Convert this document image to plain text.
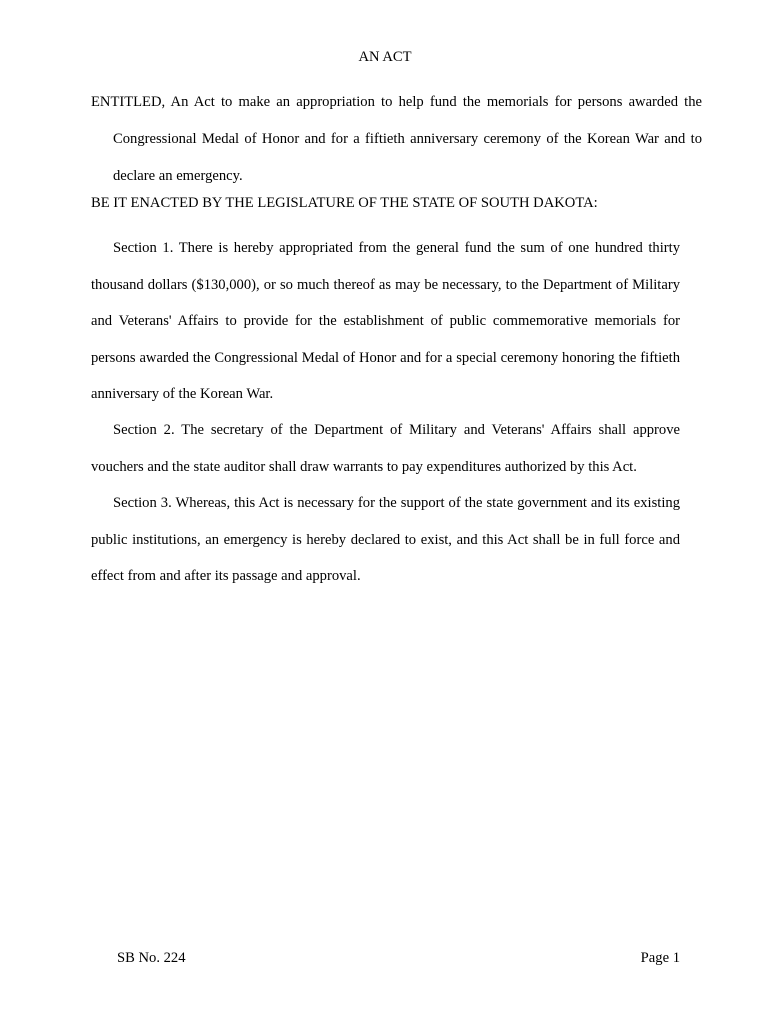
AN ACT
ENTITLED, An Act to make an appropriation to help fund the memorials for persons awarded the Congressional Medal of Honor and for a fiftieth anniversary ceremony of the Korean War and to declare an emergency.
BE IT ENACTED BY THE LEGISLATURE OF THE STATE OF SOUTH DAKOTA:
Section 1. There is hereby appropriated from the general fund the sum of one hundred thirty thousand dollars ($130,000), or so much thereof as may be necessary, to the Department of Military and Veterans' Affairs to provide for the establishment of public commemorative memorials for persons awarded the Congressional Medal of Honor and for a special ceremony honoring the fiftieth anniversary of the Korean War.
Section 2. The secretary of the Department of Military and Veterans' Affairs shall approve vouchers and the state auditor shall draw warrants to pay expenditures authorized by this Act.
Section 3. Whereas, this Act is necessary for the support of the state government and its existing public institutions, an emergency is hereby declared to exist, and this Act shall be in full force and effect from and after its passage and approval.
SB No. 224	Page 1
